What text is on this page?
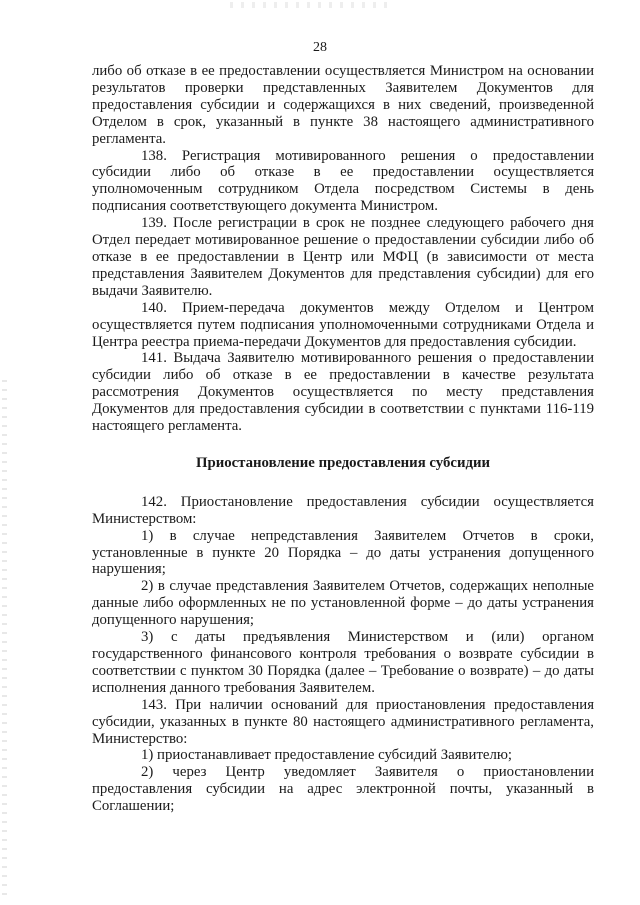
28

либо об отказе в ее предоставлении осуществляется Министром на основании результатов проверки представленных Заявителем Документов для предоставления субсидии и содержащихся в них сведений, произведенной Отделом в срок, указанный в пункте 38 настоящего административного регламента.

138. Регистрация мотивированного решения о предоставлении субсидии либо об отказе в ее предоставлении осуществляется уполномоченным сотрудником Отдела посредством Системы в день подписания соответствующего документа Министром.

139. После регистрации в срок не позднее следующего рабочего дня Отдел передает мотивированное решение о предоставлении субсидии либо об отказе в ее предоставлении в Центр или МФЦ (в зависимости от места представления Заявителем Документов для представления субсидии) для его выдачи Заявителю.

140. Прием-передача документов между Отделом и Центром осуществляется путем подписания уполномоченными сотрудниками Отдела и Центра реестра приема-передачи Документов для предоставления субсидии.

141. Выдача Заявителю мотивированного решения о предоставлении субсидии либо об отказе в ее предоставлении в качестве результата рассмотрения Документов осуществляется по месту представления Документов для предоставления субсидии в соответствии с пунктами 116-119 настоящего регламента.

Приостановление предоставления субсидии

142. Приостановление предоставления субсидии осуществляется Министерством:

1) в случае непредставления Заявителем Отчетов в сроки, установленные в пункте 20 Порядка – до даты устранения допущенного нарушения;

2) в случае представления Заявителем Отчетов, содержащих неполные данные либо оформленных не по установленной форме – до даты устранения допущенного нарушения;

3) с даты предъявления Министерством и (или) органом государственного финансового контроля требования о возврате субсидии в соответствии с пунктом 30 Порядка (далее – Требование о возврате) – до даты исполнения данного требования Заявителем.

143. При наличии оснований для приостановления предоставления субсидии, указанных в пункте 80 настоящего административного регламента, Министерство:

1) приостанавливает предоставление субсидий Заявителю;

2) через Центр уведомляет Заявителя о приостановлении предоставления субсидии на адрес электронной почты, указанный в Соглашении;
